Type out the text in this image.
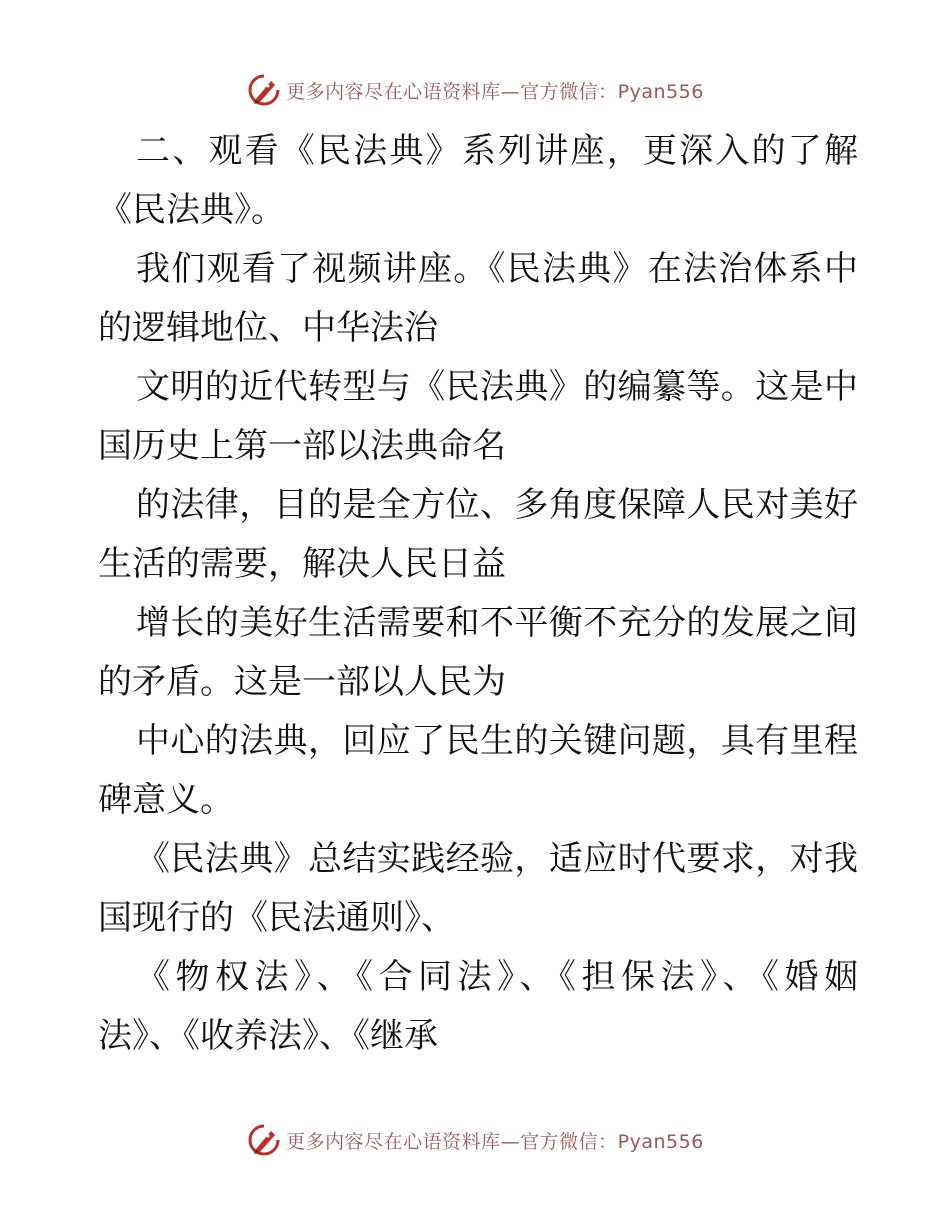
更多内容尽在心语资料库—官方微信：Pyan556
二、观看《民法典》系列讲座，更深入的了解
《民法典》。
我们观看了视频讲座。《民法典》在法治体系中
的逻辑地位、中华法治
文明的近代转型与《民法典》的编纂等。这是中
国历史上第一部以法典命名
的法律，目的是全方位、多角度保障人民对美好
生活的需要，解决人民日益
增长的美好生活需要和不平衡不充分的发展之间
的矛盾。这是一部以人民为
中心的法典，回应了民生的关键问题，具有里程
碑意义。
《民法典》总结实践经验，适应时代要求，对我
国现行的《民法通则》、
《物权法》、《合同法》、《担保法》、《婚姻
法》、《收养法》、《继承
更多内容尽在心语资料库—官方微信：Pyan556
